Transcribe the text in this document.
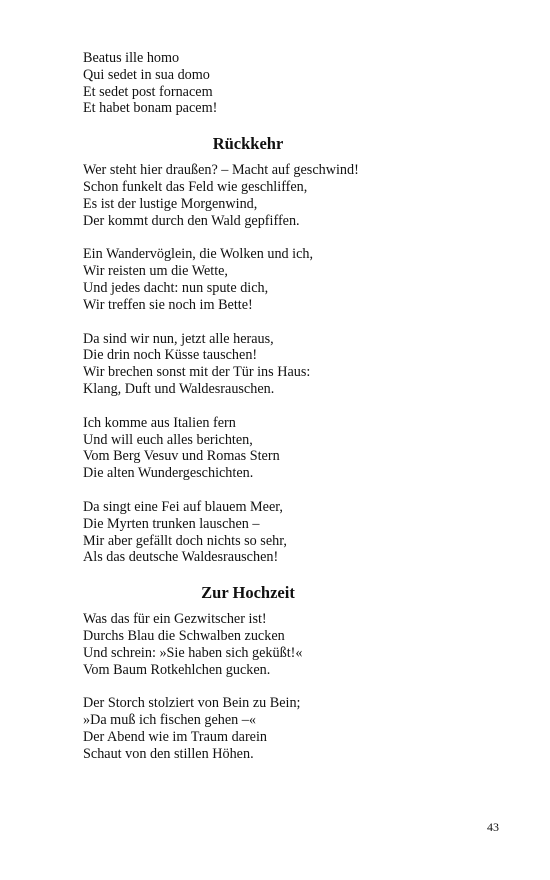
Beatus ille homo
Qui sedet in sua domo
Et sedet post fornacem
Et habet bonam pacem!
Rückkehr
Wer steht hier draußen? – Macht auf geschwind!
Schon funkelt das Feld wie geschliffen,
Es ist der lustige Morgenwind,
Der kommt durch den Wald gepfiffen.
Ein Wandervöglein, die Wolken und ich,
Wir reisten um die Wette,
Und jedes dacht: nun spute dich,
Wir treffen sie noch im Bette!
Da sind wir nun, jetzt alle heraus,
Die drin noch Küsse tauschen!
Wir brechen sonst mit der Tür ins Haus:
Klang, Duft und Waldesrauschen.
Ich komme aus Italien fern
Und will euch alles berichten,
Vom Berg Vesuv und Romas Stern
Die alten Wundergeschichten.
Da singt eine Fei auf blauem Meer,
Die Myrten trunken lauschen –
Mir aber gefällt doch nichts so sehr,
Als das deutsche Waldesrauschen!
Zur Hochzeit
Was das für ein Gezwitscher ist!
Durchs Blau die Schwalben zucken
Und schrein: »Sie haben sich geküßt!«
Vom Baum Rotkehlchen gucken.
Der Storch stolziert von Bein zu Bein;
»Da muß ich fischen gehen –«
Der Abend wie im Traum darein
Schaut von den stillen Höhen.
43
